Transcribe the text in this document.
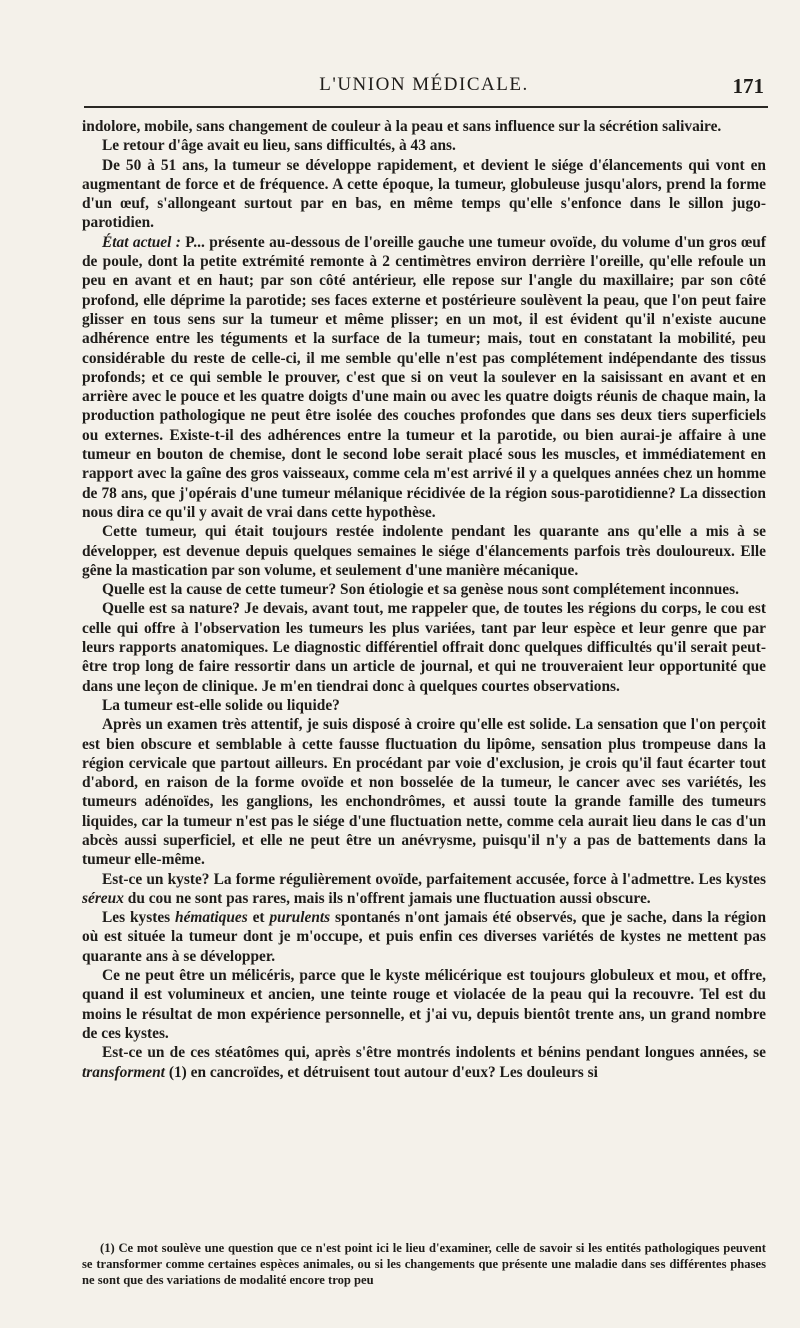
L'UNION MÉDICALE.	171

indolore, mobile, sans changement de couleur à la peau et sans influence sur la sécrétion salivaire.

Le retour d'âge avait eu lieu, sans difficultés, à 43 ans.

De 50 à 51 ans, la tumeur se développe rapidement, et devient le siége d'élancements qui vont en augmentant de force et de fréquence. A cette époque, la tumeur, globuleuse jusqu'alors, prend la forme d'un œuf, s'allongeant surtout par en bas, en même temps qu'elle s'enfonce dans le sillon jugo-parotidien.

État actuel : P... présente au-dessous de l'oreille gauche une tumeur ovoïde, du volume d'un gros œuf de poule, dont la petite extrémité remonte à 2 centimètres environ derrière l'oreille, qu'elle refoule un peu en avant et en haut; par son côté antérieur, elle repose sur l'angle du maxillaire; par son côté profond, elle déprime la parotide; ses faces externe et postérieure soulèvent la peau, que l'on peut faire glisser en tous sens sur la tumeur et même plisser; en un mot, il est évident qu'il n'existe aucune adhérence entre les téguments et la surface de la tumeur; mais, tout en constatant la mobilité, peu considérable du reste de celle-ci, il me semble qu'elle n'est pas complétement indépendante des tissus profonds; et ce qui semble le prouver, c'est que si on veut la soulever en la saisissant en avant et en arrière avec le pouce et les quatre doigts d'une main ou avec les quatre doigts réunis de chaque main, la production pathologique ne peut être isolée des couches profondes que dans ses deux tiers superficiels ou externes. Existe-t-il des adhérences entre la tumeur et la parotide, ou bien aurai-je affaire à une tumeur en bouton de chemise, dont le second lobe serait placé sous les muscles, et immédiatement en rapport avec la gaîne des gros vaisseaux, comme cela m'est arrivé il y a quelques années chez un homme de 78 ans, que j'opérais d'une tumeur mélanique récidivée de la région sous-parotidienne? La dissection nous dira ce qu'il y avait de vrai dans cette hypothèse.

Cette tumeur, qui était toujours restée indolente pendant les quarante ans qu'elle a mis à se développer, est devenue depuis quelques semaines le siége d'élancements parfois très douloureux. Elle gêne la mastication par son volume, et seulement d'une manière mécanique.

Quelle est la cause de cette tumeur? Son étiologie et sa genèse nous sont complétement inconnues.

Quelle est sa nature? Je devais, avant tout, me rappeler que, de toutes les régions du corps, le cou est celle qui offre à l'observation les tumeurs les plus variées, tant par leur espèce et leur genre que par leurs rapports anatomiques. Le diagnostic différentiel offrait donc quelques difficultés qu'il serait peut-être trop long de faire ressortir dans un article de journal, et qui ne trouveraient leur opportunité que dans une leçon de clinique. Je m'en tiendrai donc à quelques courtes observations.

La tumeur est-elle solide ou liquide?

Après un examen très attentif, je suis disposé à croire qu'elle est solide. La sensation que l'on perçoit est bien obscure et semblable à cette fausse fluctuation du lipôme, sensation plus trompeuse dans la région cervicale que partout ailleurs. En procédant par voie d'exclusion, je crois qu'il faut écarter tout d'abord, en raison de la forme ovoïde et non bosselée de la tumeur, le cancer avec ses variétés, les tumeurs adénoïdes, les ganglions, les enchondrômes, et aussi toute la grande famille des tumeurs liquides, car la tumeur n'est pas le siége d'une fluctuation nette, comme cela aurait lieu dans le cas d'un abcès aussi superficiel, et elle ne peut être un anévrysme, puisqu'il n'y a pas de battements dans la tumeur elle-même.

Est-ce un kyste? La forme régulièrement ovoïde, parfaitement accusée, force à l'admettre. Les kystes séreux du cou ne sont pas rares, mais ils n'offrent jamais une fluctuation aussi obscure.

Les kystes hématiques et purulents spontanés n'ont jamais été observés, que je sache, dans la région où est située la tumeur dont je m'occupe, et puis enfin ces diverses variétés de kystes ne mettent pas quarante ans à se développer.

Ce ne peut être un mélicéris, parce que le kyste mélicérique est toujours globuleux et mou, et offre, quand il est volumineux et ancien, une teinte rouge et violacée de la peau qui la recouvre. Tel est du moins le résultat de mon expérience personnelle, et j'ai vu, depuis bientôt trente ans, un grand nombre de ces kystes.

Est-ce un de ces stéatômes qui, après s'être montrés indolents et bénins pendant longues années, se transforment (1) en cancroïdes, et détruisent tout autour d'eux? Les douleurs si

(1) Ce mot soulève une question que ce n'est point ici le lieu d'examiner, celle de savoir si les entités pathologiques peuvent se transformer comme certaines espèces animales, ou si les changements que présente une maladie dans ses différentes phases ne sont que des variations de modalité encore trop peu
